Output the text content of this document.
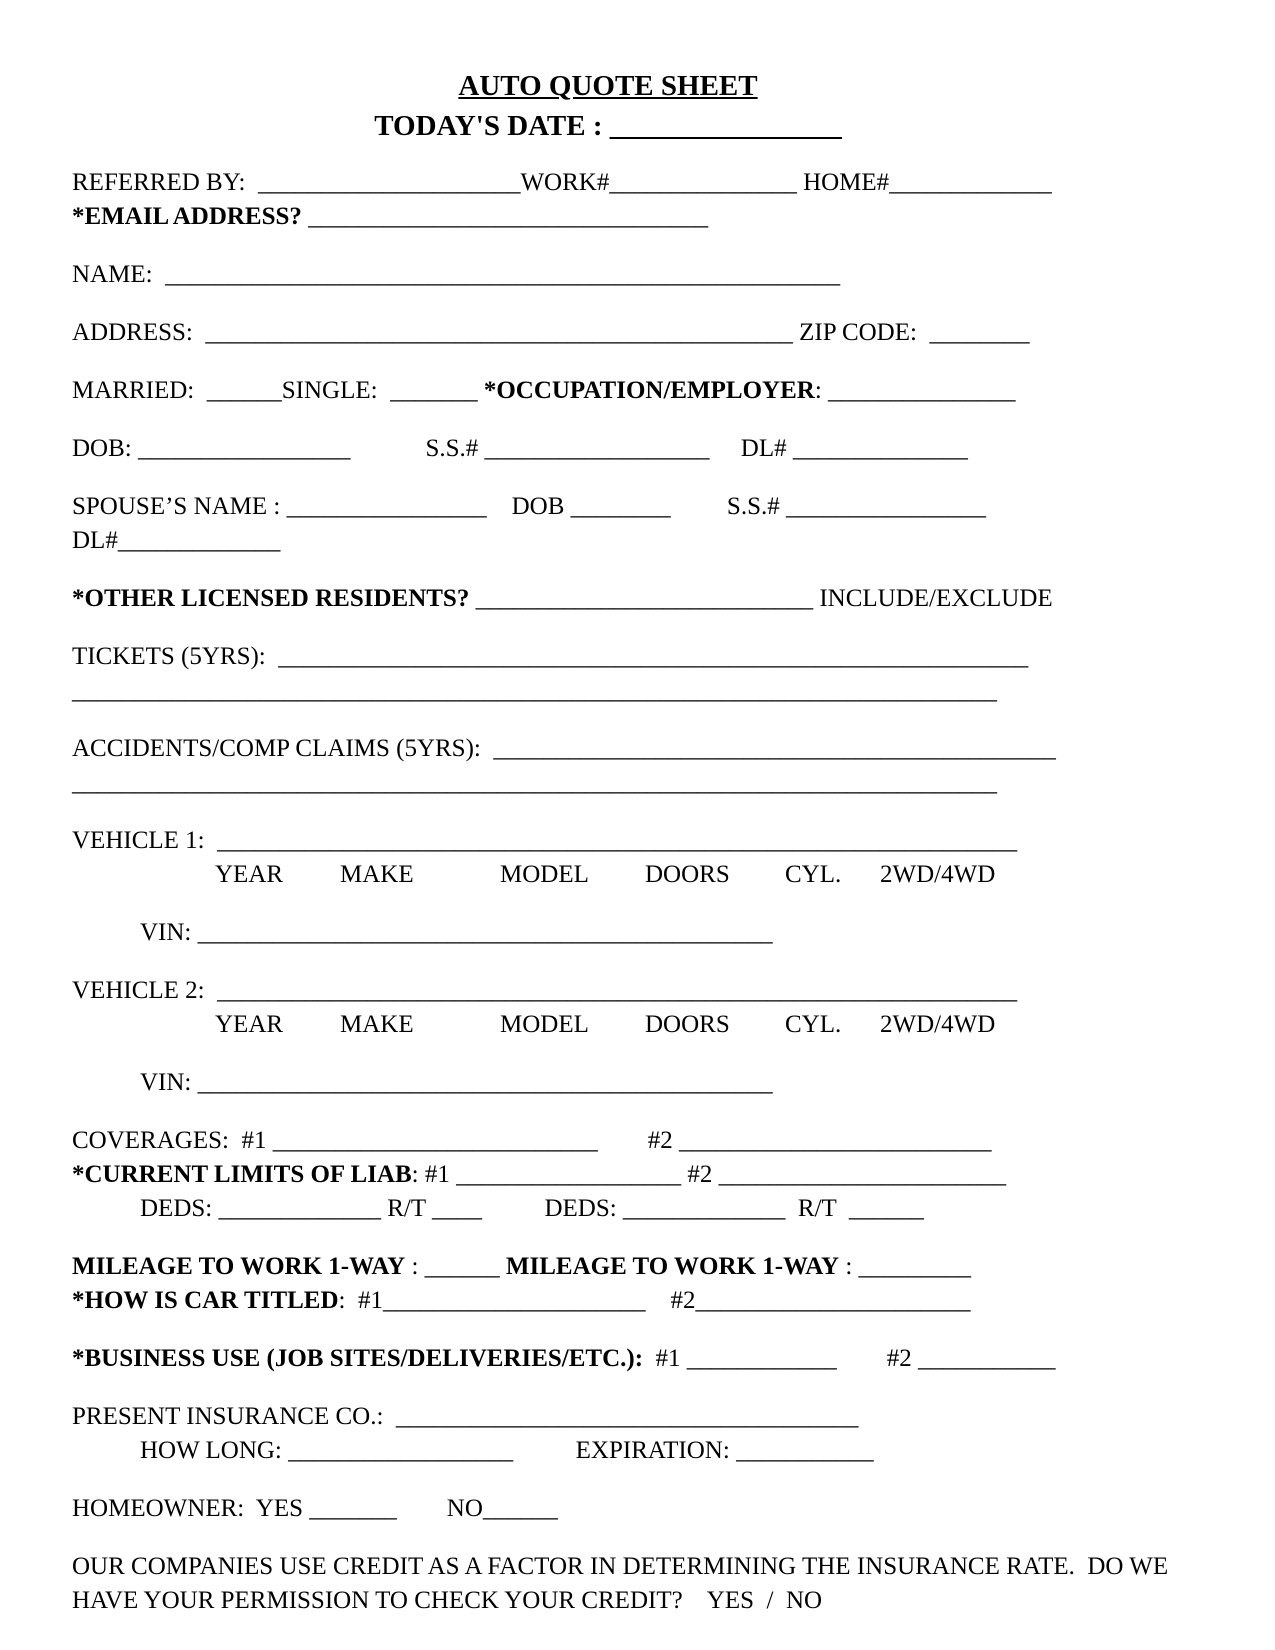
AUTO QUOTE SHEET

TODAY'S DATE : ________________

REFERRED BY:  _____________________WORK#_______________ HOME#_____________

*EMAIL ADDRESS? ________________________________

NAME:  ______________________________________________________

ADDRESS:  _______________________________________________ ZIP CODE:  ________

MARRIED:  ______SINGLE:  _______ *OCCUPATION/EMPLOYER: _______________

DOB: _________________	S.S.# __________________ DL# ______________

SPOUSE’S NAME : ________________ DOB ________ S.S.# ________________

DL#_____________

*OTHER LICENSED RESIDENTS? ___________________________ INCLUDE/EXCLUDE

TICKETS (5YRS):  ____________________________________________________________

__________________________________________________________________________

ACCIDENTS/COMP CLAIMS (5YRS):  _____________________________________________

__________________________________________________________________________

VEHICLE 1:  ________________________________________________________________

YEAR MAKE	MODEL DOORS CYL. 2WD/4WD

VIN: ______________________________________________

VEHICLE 2:  ________________________________________________________________

YEAR MAKE	MODEL DOORS CYL. 2WD/4WD

VIN: ______________________________________________

COVERAGES:  #1 __________________________ #2 _________________________

*CURRENT LIMITS OF LIAB: #1 __________________ #2 _______________________

DEDS: _____________ R/T ____	DEDS: _____________  R/T  ______

MILEAGE TO WORK 1-WAY : ______ MILEAGE TO WORK 1-WAY : _________

*HOW IS CAR TITLED:  #1_____________________    #2______________________

*BUSINESS USE (JOB SITES/DELIVERIES/ETC.):  #1 ____________ #2 ___________

PRESENT INSURANCE CO.:  _____________________________________

HOW LONG: __________________	EXPIRATION: ___________

HOMEOWNER:  YES _______ NO______

OUR COMPANIES USE CREDIT AS A FACTOR IN DETERMINING THE INSURANCE RATE.  DO WE

HAVE YOUR PERMISSION TO CHECK YOUR CREDIT?    YES  /  NO
